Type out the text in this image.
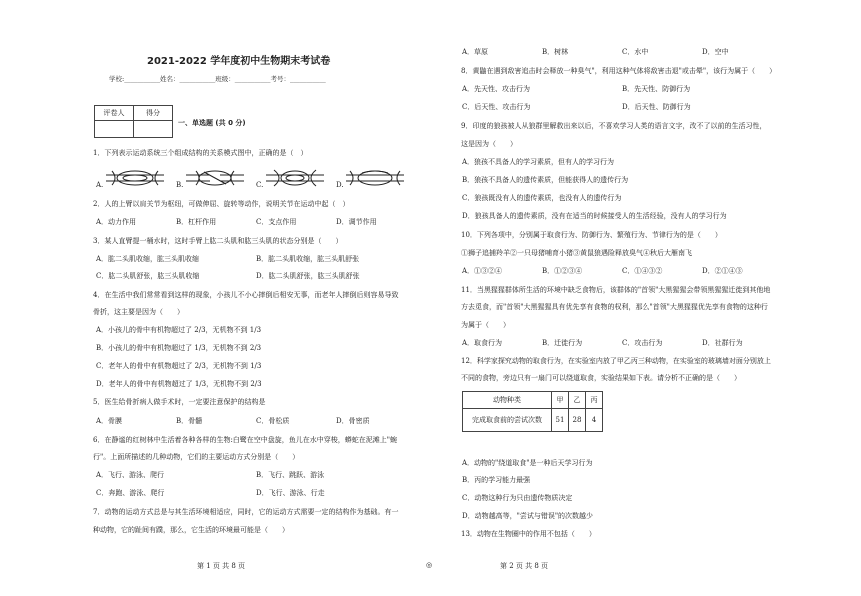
2021-2022 学年度初中生物期末考试卷
学校:___________姓名：___________班级：___________考号：___________
评卷人	得分

一、单选题 (共 0 分)
1．下列表示运动系统三个组成结构的关系模式图中，正确的是（　）
A.	B.	C.	D.
2．人的上臂以肩关节为枢纽，可做伸屈、旋转等动作，说明关节在运动中起（　）
A．动力作用	B．杠杆作用	C．支点作用	D．调节作用
3．某人直臂提一桶水时，这时手臂上肱二头肌和肱三头肌的状态分别是（　　）
A．肱二头肌收缩，肱三头肌收缩	B．肱二头肌收缩，肱三头肌舒张
C．肱二头肌舒张，肱三头肌收缩	D．肱二头肌舒张，肱三头肌舒张
4．在生活中我们常常看到这样的现象，小孩儿不小心摔倒后相安无事，而老年人摔倒后则容易导致
骨折，这主要是因为（　　）
A．小孩儿的骨中有机物超过了 2/3，无机物不到 1/3
B．小孩儿的骨中有机物超过了 1/3，无机物不到 2/3
C．老年人的骨中有机物超过了 2/3，无机物不到 1/3
D．老年人的骨中有机物超过了 1/3，无机物不到 2/3
5．医生给骨折病人做手术时，一定要注意保护的结构是
A．骨膜	B．骨髓	C．骨松质	D．骨密质
6．在静谧的红树林中生活着各种各样的生物:白鹭在空中盘旋，鱼儿在水中穿梭，蟒蛇在泥滩上"蜿
行"。上面所描述的几种动物，它们的主要运动方式分别是（　　）
A．飞行、游泳、爬行	B．飞行、跳跃、游泳
C．奔跑、游泳、爬行	D．飞行、游泳、行走
7．动物的运动方式总是与其生活环境相适应，同时，它的运动方式需要一定的结构作为基础。有一
种动物，它的趾间有蹼，那么，它生活的环境最可能是（　　）
第 1 页 共 8 页
A．草原	B．树林	C．水中	D．空中
8．黄鼬在遇到敌害追击时会释放一种臭气"，利用这种气体将敌害击退"或击晕"，该行为属于（　　）
A．先天性、攻击行为	B．先天性、防御行为
C．后天性、攻击行为	D．后天性、防御行为
9．印度的狼孩被人从狼群里解救出来以后，不喜欢学习人类的语言文字，改不了以前的生活习性，
这是因为（　　）
A．狼孩不具备人的学习素质，但有人的学习行为
B．狼孩不具备人的遗传素质，但能获得人的遗传行为
C．狼孩既没有人的遗传素质，也没有人的遗传行为
D．狼孩具备人的遗传素质，没有在适当的时候接受人的生活经验，没有人的学习行为
10．下列各项中，分别属于取食行为、防御行为、繁殖行为、节律行为的是（　　）
①狮子追捕羚羊②一只母猪哺育小猪③黄鼠狼遇险释放臭气④秋后大雁南飞
A．①③②④	B．①②③④	C．①④③②	D．②①④③
11．当黑猩猩群体所生活的环境中缺乏食物后，该群体的"首领"大黑猩猩会带领黑猩猩迁徙到其他地
方去觅食，而"首领"大黑猩猩具有优先享有食物的权利，那么"首领"大黑猩猩优先享有食物的这种行
为属于（　　）
A．取食行为	B．迁徙行为	C．攻击行为	D．社群行为
12．科学家探究动物的取食行为，在实验室内放了甲乙丙三种动物，在实验室的玻璃墙对面分别放上
不同的食物，旁边只有一扇门可以绕道取食，实验结果如下表。请分析不正确的是（　　）
动物种类	甲	乙	丙
完成取食前的尝试次数	51	28	4
A．动物的"绕道取食"是一种后天学习行为
B．丙的学习能力最强
C．动物这种行为只由遗传物质决定
D．动物越高等，"尝试与错误"的次数越少
13．动物在生物圈中的作用不包括（　　）
◎	第 2 页 共 8 页
